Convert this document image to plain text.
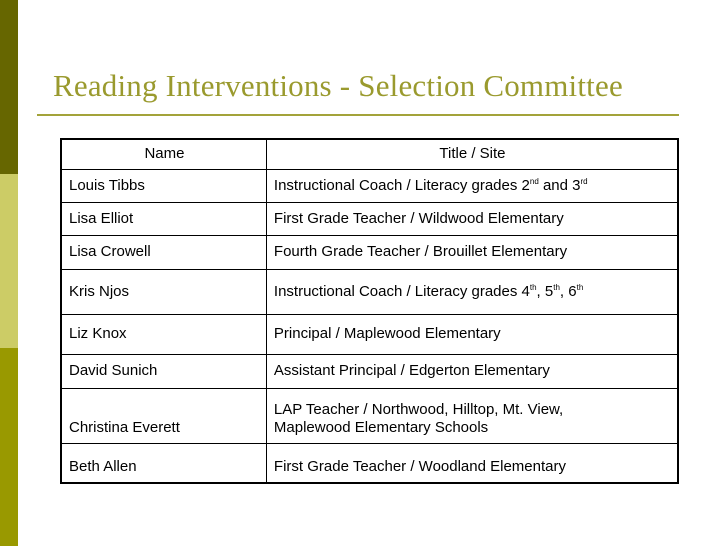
Reading Interventions - Selection Committee
Name	Title / Site
Louis Tibbs	Instructional Coach / Literacy grades 2nd and 3rd
Lisa Elliot	First Grade Teacher / Wildwood Elementary
Lisa Crowell	Fourth Grade Teacher / Brouillet Elementary
Kris Njos	Instructional Coach / Literacy grades 4th, 5th, 6th
Liz Knox	Principal / Maplewood Elementary
David Sunich	Assistant Principal / Edgerton Elementary
Christina Everett	LAP Teacher / Northwood, Hilltop, Mt. View,
Maplewood Elementary Schools

Beth Allen	First Grade Teacher / Woodland Elementary
